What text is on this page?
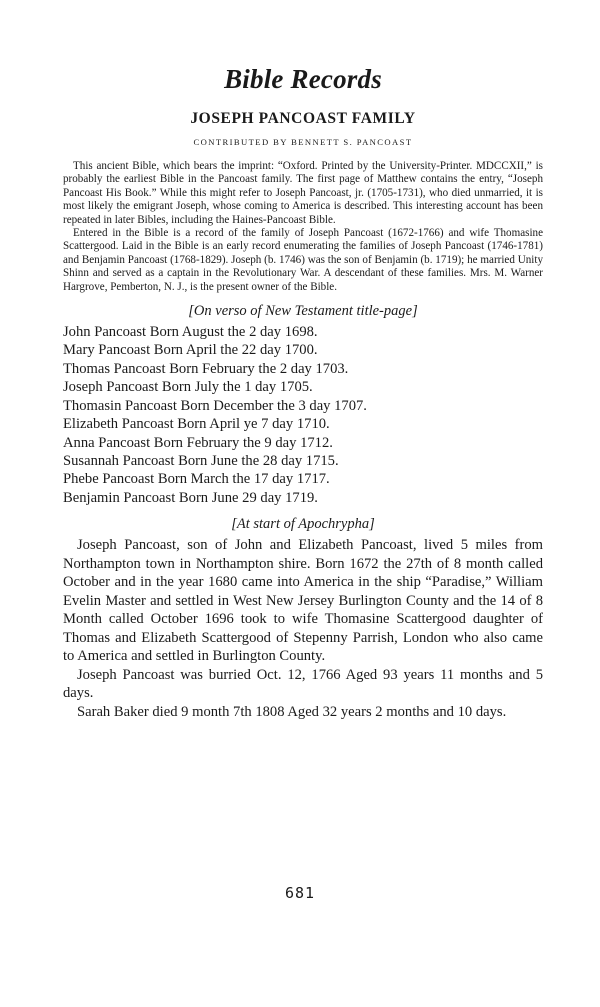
Bible Records
JOSEPH PANCOAST FAMILY
CONTRIBUTED BY BENNETT S. PANCOAST

This ancient Bible, which bears the imprint: “Oxford. Printed by the University-Printer. MDCCXII,” is probably the earliest Bible in the Pancoast family. The first page of Matthew contains the entry, “Joseph Pancoast His Book.” While this might refer to Joseph Pancoast, jr. (1705-1731), who died unmarried, it is most likely the emigrant Joseph, whose coming to America is described. This interesting account has been repeated in later Bibles, including the Haines-Pancoast Bible.

Entered in the Bible is a record of the family of Joseph Pancoast (1672-1766) and wife Thomasine Scattergood. Laid in the Bible is an early record enumerating the families of Joseph Pancoast (1746-1781) and Benjamin Pancoast (1768-1829). Joseph (b. 1746) was the son of Benjamin (b. 1719); he married Unity Shinn and served as a captain in the Revolutionary War. A descendant of these families. Mrs. M. Warner Hargrove, Pemberton, N. J., is the present owner of the Bible.

[On verso of New Testament title-page]
John Pancoast Born August the 2 day 1698.
Mary Pancoast Born April the 22 day 1700.
Thomas Pancoast Born February the 2 day 1703.
Joseph Pancoast Born July the 1 day 1705.
Thomasin Pancoast Born December the 3 day 1707.
Elizabeth Pancoast Born April ye 7 day 1710.
Anna Pancoast Born February the 9 day 1712.
Susannah Pancoast Born June the 28 day 1715.
Phebe Pancoast Born March the 17 day 1717.
Benjamin Pancoast Born June 29 day 1719.
[At start of Apochrypha]

Joseph Pancoast, son of John and Elizabeth Pancoast, lived 5 miles from Northampton town in Northampton shire. Born 1672 the 27th of 8 month called October and in the year 1680 came into America in the ship “Paradise,” William Evelin Master and settled in West New Jersey Burlington County and the 14 of 8 Month called October 1696 took to wife Thomasine Scattergood daughter of Thomas and Elizabeth Scattergood of Stepenny Parrish, London who also came to America and settled in Burlington County.

Joseph Pancoast was burried Oct. 12, 1766 Aged 93 years 11 months and 5 days.

Sarah Baker died 9 month 7th 1808 Aged 32 years 2 months and 10 days.

681
